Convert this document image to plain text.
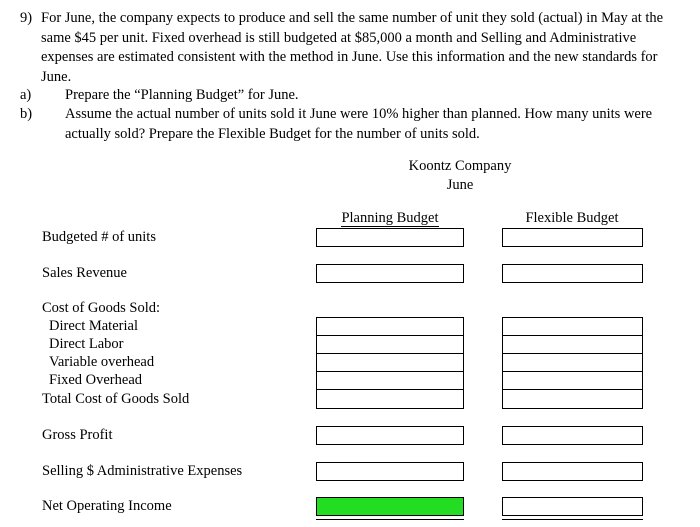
9) For June, the company expects to produce and sell the same number of unit they sold (actual) in May at the same $45 per unit. Fixed overhead is still budgeted at $85,000 a month and Selling and Administrative expenses are estimated consistent with the method in June. Use this information and the new standards for June.
a) Prepare the “Planning Budget” for June.
b) Assume the actual number of units sold it June were 10% higher than planned. How many units were actually sold? Prepare the Flexible Budget for the number of units sold.
Koontz Company
June
Planning Budget	Flexible Budget
Budgeted # of units
Sales Revenue
Cost of Goods Sold:
Direct Material
Direct Labor
Variable overhead
Fixed Overhead
Total Cost of Goods Sold
Gross Profit
Selling $ Administrative Expenses
Net Operating Income
